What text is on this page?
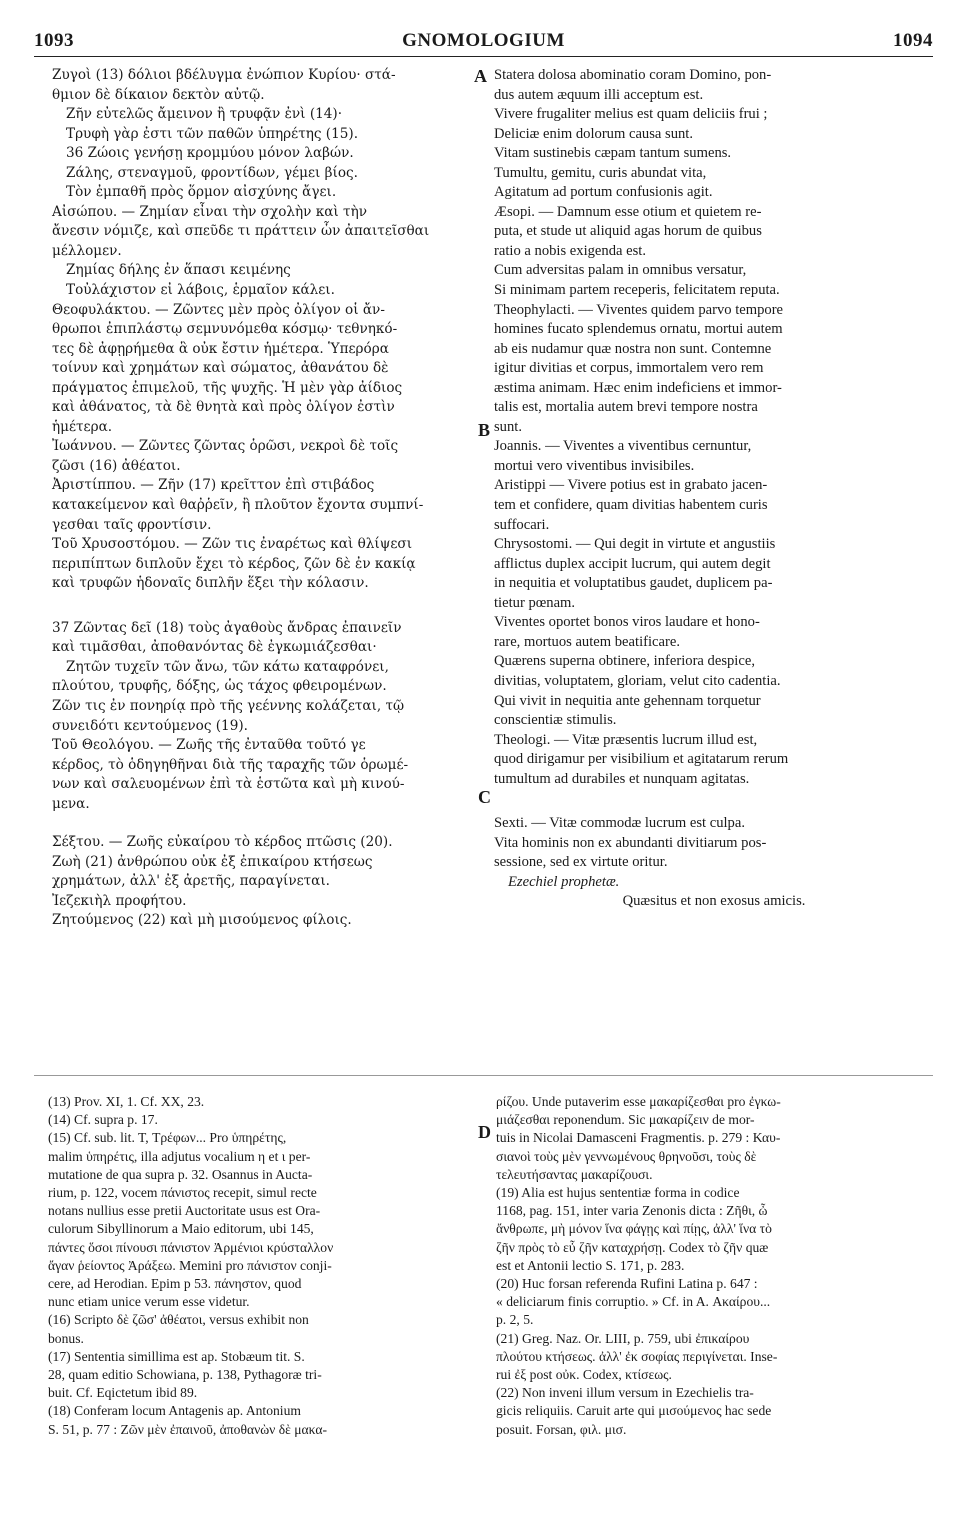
1093	GNOMOLOGIUM	1094
A
B
C
D
Ζυγοὶ (13) δόλιοι βδέλυγμα ἐνώπιον Κυρίου· στά-
θμιον δὲ δίκαιον δεκτὸν αὐτῷ.
Ζῆν εὐτελῶς ἄμεινον ἢ τρυφᾷν ἐνὶ (14)·
Τρυφὴ γὰρ ἐστι τῶν παθῶν ὑπηρέτης (15).
36 Ζώοις γενήσῃ κρομμύου μόνον λαβών.
Ζάλης, στεναγμοῦ, φροντίδων, γέμει βίος.
Τὸν ἐμπαθῆ πρὸς ὅρμον αἰσχύνης ἄγει.
Αἰσώπου. — Ζημίαν εἶναι τὴν σχολὴν καὶ τὴν
ἄνεσιν νόμιζε, καὶ σπεῦδε τι πράττειν ὧν ἀπαιτεῖσθαι
μέλλομεν.
Ζημίας δήλης ἐν ἅπασι κειμένης
Τοὐλάχιστον εἰ λάβοις, ἑρμαῖον κάλει.
Θεοφυλάκτου. — Ζῶντες μὲν πρὸς ὀλίγον οἱ ἄν-
θρωποι ἐπιπλάστῳ σεμνυνόμεθα κόσμῳ· τεθνηκό-
τες δὲ ἀφῃρήμεθα ἃ οὐκ ἔστιν ἡμέτερα. Ὑπερόρα
τοίνυν καὶ χρημάτων καὶ σώματος, ἀθανάτου δὲ
πράγματος ἐπιμελοῦ, τῆς ψυχῆς. Ἡ μὲν γὰρ ἀίδιος
καὶ ἀθάνατος, τὰ δὲ θνητὰ καὶ πρὸς ὀλίγον ἐστὶν
ἡμέτερα.
Ἰωάννου. — Ζῶντες ζῶντας ὁρῶσι, νεκροὶ δὲ τοῖς
ζῶσι (16) ἀθέατοι.
Ἀριστίππου. — Ζῆν (17) κρεῖττον ἐπὶ στιβάδος
κατακείμενον καὶ θαῤῥεῖν, ἢ πλοῦτον ἔχοντα συμπνί-
γεσθαι ταῖς φροντίσιν.
Τοῦ Χρυσοστόμου. — Ζῶν τις ἐναρέτως καὶ θλίψεσι
περιπίπτων διπλοῦν ἔχει τὸ κέρδος, ζῶν δὲ ἐν κακίᾳ
καὶ τρυφῶν ἡδοναῖς διπλῆν ἕξει τὴν κόλασιν.
37 Ζῶντας δεῖ (18) τοὺς ἀγαθοὺς ἄνδρας ἐπαινεῖν
καὶ τιμᾶσθαι, ἀποθανόντας δὲ ἐγκωμιάζεσθαι·
Ζητῶν τυχεῖν τῶν ἄνω, τῶν κάτω καταφρόνει,
πλούτου, τρυφῆς, δόξης, ὡς τάχος φθειρομένων.
Ζῶν τις ἐν πονηρίᾳ πρὸ τῆς γεέννης κολάζεται, τῷ
συνειδότι κεντούμενος (19).
Τοῦ Θεολόγου. — Ζωῆς τῆς ἐνταῦθα τοῦτό γε
κέρδος, τὸ ὁδηγηθῆναι διὰ τῆς ταραχῆς τῶν ὁρωμέ-
νων καὶ σαλευομένων ἐπὶ τὰ ἑστῶτα καὶ μὴ κινού-
μενα.
Σέξτου. — Ζωῆς εὐκαίρου τὸ κέρδος πτῶσις (20).
Ζωὴ (21) ἀνθρώπου οὐκ ἐξ ἐπικαίρου κτήσεως
χρημάτων, ἀλλ' ἐξ ἀρετῆς, παραγίνεται.
Ἰεζεκιὴλ προφήτου.
Ζητούμενος (22) καὶ μὴ μισούμενος φίλοις.
Statera dolosa abominatio coram Domino, pon-
dus autem æquum illi acceptum est.
Vivere frugaliter melius est quam deliciis frui ;
Deliciæ enim dolorum causa sunt.
Vitam sustinebis cæpam tantum sumens.
Tumultu, gemitu, curis abundat vita,
Agitatum ad portum confusionis agit.
Æsopi. — Damnum esse otium et quietem re-
puta, et stude ut aliquid agas horum de quibus
ratio a nobis exigenda est.
Cum adversitas palam in omnibus versatur,
Si minimam partem receperis, felicitatem reputa.
Theophylacti. — Viventes quidem parvo tempore
homines fucato splendemus ornatu, mortui autem
ab eis nudamur quæ nostra non sunt. Contemne
igitur divitias et corpus, immortalem vero rem
æstima animam. Hæc enim indeficiens et immor-
talis est, mortalia autem brevi tempore nostra
sunt.
Joannis. — Viventes a viventibus cernuntur,
mortui vero viventibus invisibiles.
Aristippi — Vivere potius est in grabato jacen-
tem et confidere, quam divitias habentem curis
suffocari.
Chrysostomi. — Qui degit in virtute et angustiis
afflictus duplex accipit lucrum, qui autem degit
in nequitia et voluptatibus gaudet, duplicem pa-
tietur pœnam.
Viventes oportet bonos viros laudare et hono-
rare, mortuos autem beatificare.
Quærens superna obtinere, inferiora despice,
divitias, voluptatem, gloriam, velut cito cadentia.
Qui vivit in nequitia ante gehennam torquetur
conscientiæ stimulis.
Theologi. — Vitæ præsentis lucrum illud est,
quod dirigamur per visibilium et agitatarum rerum
tumultum ad durabiles et nunquam agitatas.
Sexti. — Vitæ commodæ lucrum est culpa.
Vita hominis non ex abundanti divitiarum pos-
sessione, sed ex virtute oritur.
Ezechiel prophetæ.
Quæsitus et non exosus amicis.
(13) Prov. XI, 1. Cf. XX, 23.
(14) Cf. supra p. 17.
(15) Cf. sub. lit. T, Τρέφων... Pro ὑπηρέτης,
malim ὑπηρέτις, illa adjutus vocalium η et ι per-
mutatione de qua supra p. 32. Osannus in Aucta-
rium, p. 122, vocem πάνιστος recepit, simul recte
notans nullius esse pretii Auctoritate usus est Ora-
culorum Sibyllinorum a Maio editorum, ubi 145,
πάντες ὅσοι πίνουσι πάνιστον Ἀρμένιοι κρύσταλλον
ἄγαν ῥείοντος Ἀράξεω. Memini pro πάνιστον conji-
cere, ad Herodian. Epim p 53. πάνηστον, quod
nunc etiam unice verum esse videtur.
(16) Scripto δὲ ζῶσ' ἀθέατοι, versus exhibit non
bonus.
(17) Sententia simillima est ap. Stobæum tit. S.
28, quam editio Schowiana, p. 138, Pythagoræ tri-
buit. Cf. Eqictetum ibid 89.
(18) Conferam locum Antagenis ap. Antonium
S. 51, p. 77 : Ζῶν μὲν ἐπαινοῦ, ἀποθανὼν δὲ μακα-
ρίζου. Unde putaverim esse μακαρίζεσθαι pro ἐγκω-
μιάζεσθαι reponendum. Sic μακαρίζειν de mor-
tuis in Nicolai Damasceni Fragmentis. p. 279 : Καυ-
σιανοὶ τοὺς μὲν γεννωμένους θρηνοῦσι, τοὺς δὲ
τελευτήσαντας μακαρίζουσι.
(19) Alia est hujus sententiæ forma in codice
1168, pag. 151, inter varia Zenonis dicta : Ζῆθι, ὦ
ἄνθρωπε, μὴ μόνον ἵνα φάγῃς καὶ πίῃς, ἀλλ' ἵνα τὸ
ζῆν πρὸς τὸ εὖ ζῆν καταχρήσῃ. Codex τὸ ζῆν quæ
est et Antonii lectio S. 171, p. 283.
(20) Huc forsan referenda Rufini Latina p. 647 :
« deliciarum finis corruptio. » Cf. in A. Ακαίρου...
p. 2, 5.
(21) Greg. Naz. Or. LIII, p. 759, ubi ἐπικαίρου
πλούτου κτήσεως. ἀλλ' ἐκ σοφίας περιγίνεται. Inse-
rui ἐξ post οὐκ. Codex, κτίσεως.
(22) Non inveni illum versum in Ezechielis tra-
gicis reliquiis. Caruit arte qui μισούμενος hac sede
posuit. Forsan, φιλ. μισ.
